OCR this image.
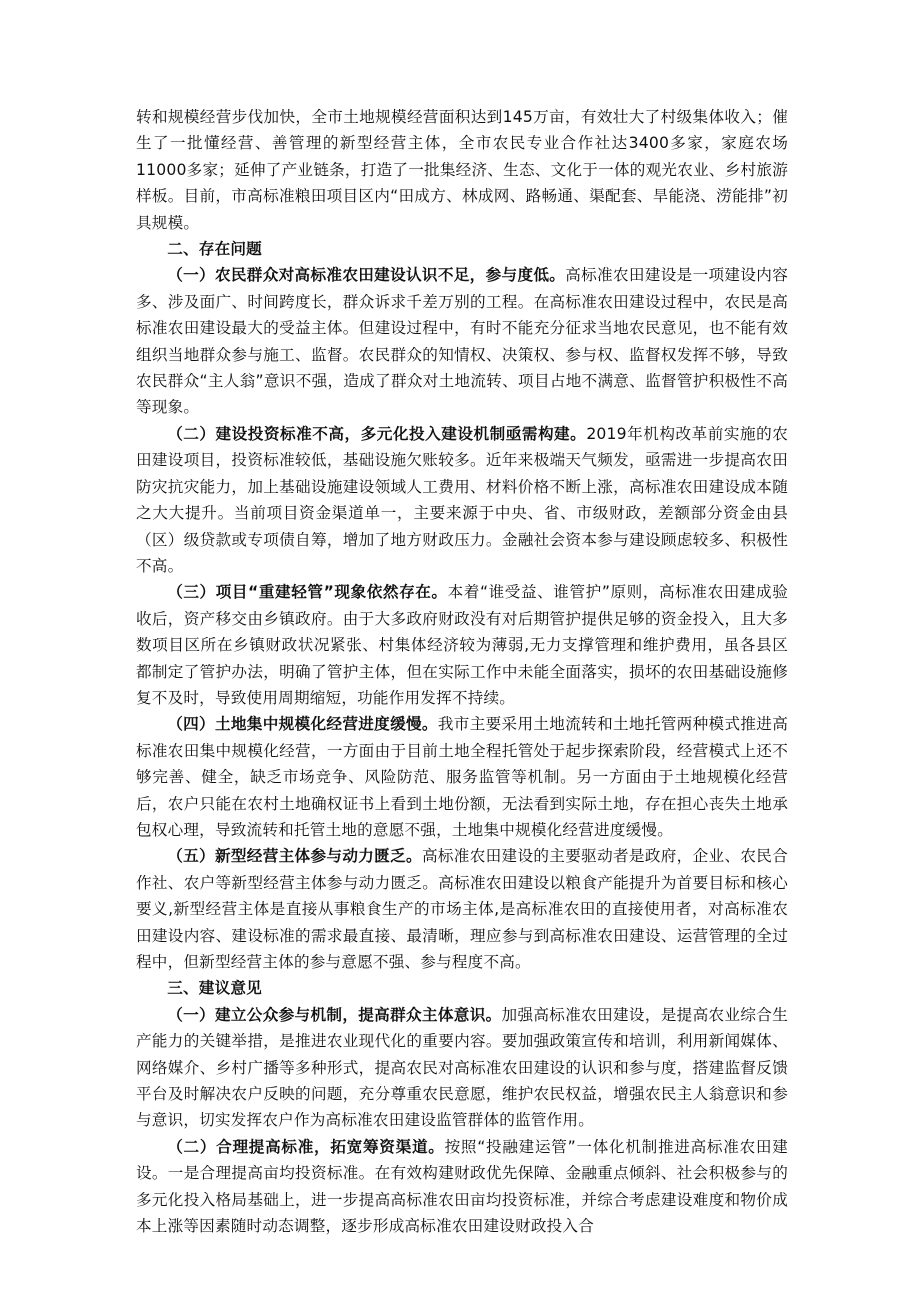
转和规模经营步伐加快，全市土地规模经营面积达到145万亩，有效壮大了村级集体收入；催生了一批懂经营、善管理的新型经营主体，全市农民专业合作社达3400多家，家庭农场11000多家；延伸了产业链条，打造了一批集经济、生态、文化于一体的观光农业、乡村旅游样板。目前，市高标准粮田项目区内“田成方、林成网、路畅通、渠配套、旱能浇、涝能排”初具规模。

二、存在问题

（一）农民群众对高标准农田建设认识不足，参与度低。高标准农田建设是一项建设内容多、涉及面广、时间跨度长，群众诉求千差万别的工程。在高标准农田建设过程中，农民是高标准农田建设最大的受益主体。但建设过程中，有时不能充分征求当地农民意见，也不能有效组织当地群众参与施工、监督。农民群众的知情权、决策权、参与权、监督权发挥不够，导致农民群众“主人翁”意识不强，造成了群众对土地流转、项目占地不满意、监督管护积极性不高等现象。

（二）建设投资标准不高，多元化投入建设机制亟需构建。2019年机构改革前实施的农田建设项目，投资标准较低，基础设施欠账较多。近年来极端天气频发，亟需进一步提高农田防灾抗灾能力，加上基础设施建设领域人工费用、材料价格不断上涨，高标准农田建设成本随之大大提升。当前项目资金渠道单一，主要来源于中央、省、市级财政，差额部分资金由县（区）级贷款或专项债自筹，增加了地方财政压力。金融社会资本参与建设顾虑较多、积极性不高。

（三）项目“重建轻管”现象依然存在。本着“谁受益、谁管护”原则，高标准农田建成验收后，资产移交由乡镇政府。由于大多政府财政没有对后期管护提供足够的资金投入，且大多数项目区所在乡镇财政状况紧张、村集体经济较为薄弱,无力支撑管理和维护费用，虽各县区都制定了管护办法，明确了管护主体，但在实际工作中未能全面落实，损坏的农田基础设施修复不及时，导致使用周期缩短，功能作用发挥不持续。

（四）土地集中规模化经营进度缓慢。我市主要采用土地流转和土地托管两种模式推进高标准农田集中规模化经营，一方面由于目前土地全程托管处于起步探索阶段，经营模式上还不够完善、健全，缺乏市场竞争、风险防范、服务监管等机制。另一方面由于土地规模化经营后，农户只能在农村土地确权证书上看到土地份额，无法看到实际土地，存在担心丧失土地承包权心理，导致流转和托管土地的意愿不强，土地集中规模化经营进度缓慢。

（五）新型经营主体参与动力匮乏。高标准农田建设的主要驱动者是政府，企业、农民合作社、农户等新型经营主体参与动力匮乏。高标准农田建设以粮食产能提升为首要目标和核心要义,新型经营主体是直接从事粮食生产的市场主体,是高标准农田的直接使用者，对高标准农田建设内容、建设标准的需求最直接、最清晰，理应参与到高标准农田建设、运营管理的全过程中，但新型经营主体的参与意愿不强、参与程度不高。

三、建议意见

（一）建立公众参与机制，提高群众主体意识。加强高标准农田建设，是提高农业综合生产能力的关键举措，是推进农业现代化的重要内容。要加强政策宣传和培训，利用新闻媒体、网络媒介、乡村广播等多种形式，提高农民对高标准农田建设的认识和参与度，搭建监督反馈平台及时解决农户反映的问题，充分尊重农民意愿，维护农民权益，增强农民主人翁意识和参与意识，切实发挥农户作为高标准农田建设监管群体的监管作用。

（二）合理提高标准，拓宽筹资渠道。按照“投融建运管”一体化机制推进高标准农田建设。一是合理提高亩均投资标准。在有效构建财政优先保障、金融重点倾斜、社会积极参与的多元化投入格局基础上，进一步提高高标准农田亩均投资标准，并综合考虑建设难度和物价成本上涨等因素随时动态调整，逐步形成高标准农田建设财政投入合
